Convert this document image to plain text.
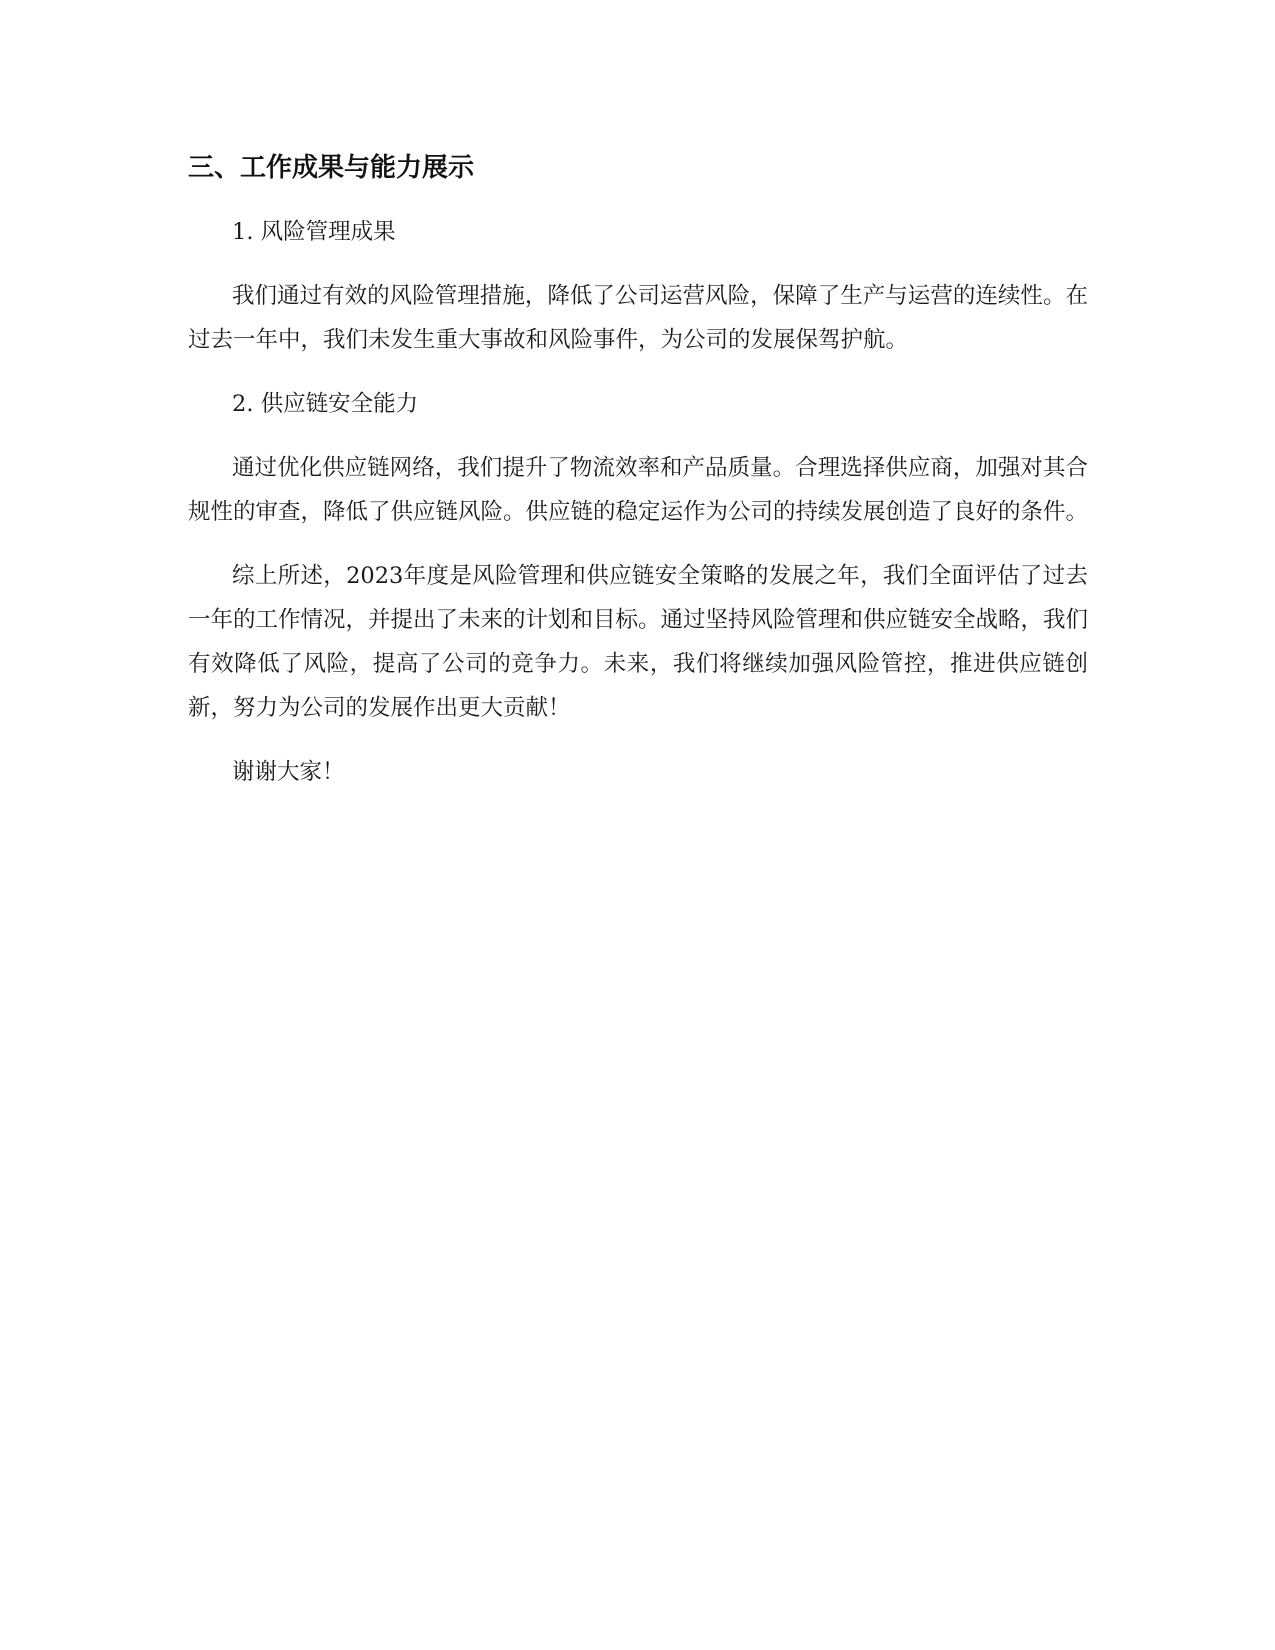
三、工作成果与能力展示

1. 风险管理成果

我们通过有效的风险管理措施，降低了公司运营风险，保障了生产与运营的连续性。在过去一年中，我们未发生重大事故和风险事件，为公司的发展保驾护航。

2. 供应链安全能力

通过优化供应链网络，我们提升了物流效率和产品质量。合理选择供应商，加强对其合规性的审查，降低了供应链风险。供应链的稳定运作为公司的持续发展创造了良好的条件。

综上所述，2023年度是风险管理和供应链安全策略的发展之年，我们全面评估了过去一年的工作情况，并提出了未来的计划和目标。通过坚持风险管理和供应链安全战略，我们有效降低了风险，提高了公司的竞争力。未来，我们将继续加强风险管控，推进供应链创新，努力为公司的发展作出更大贡献！

谢谢大家！
